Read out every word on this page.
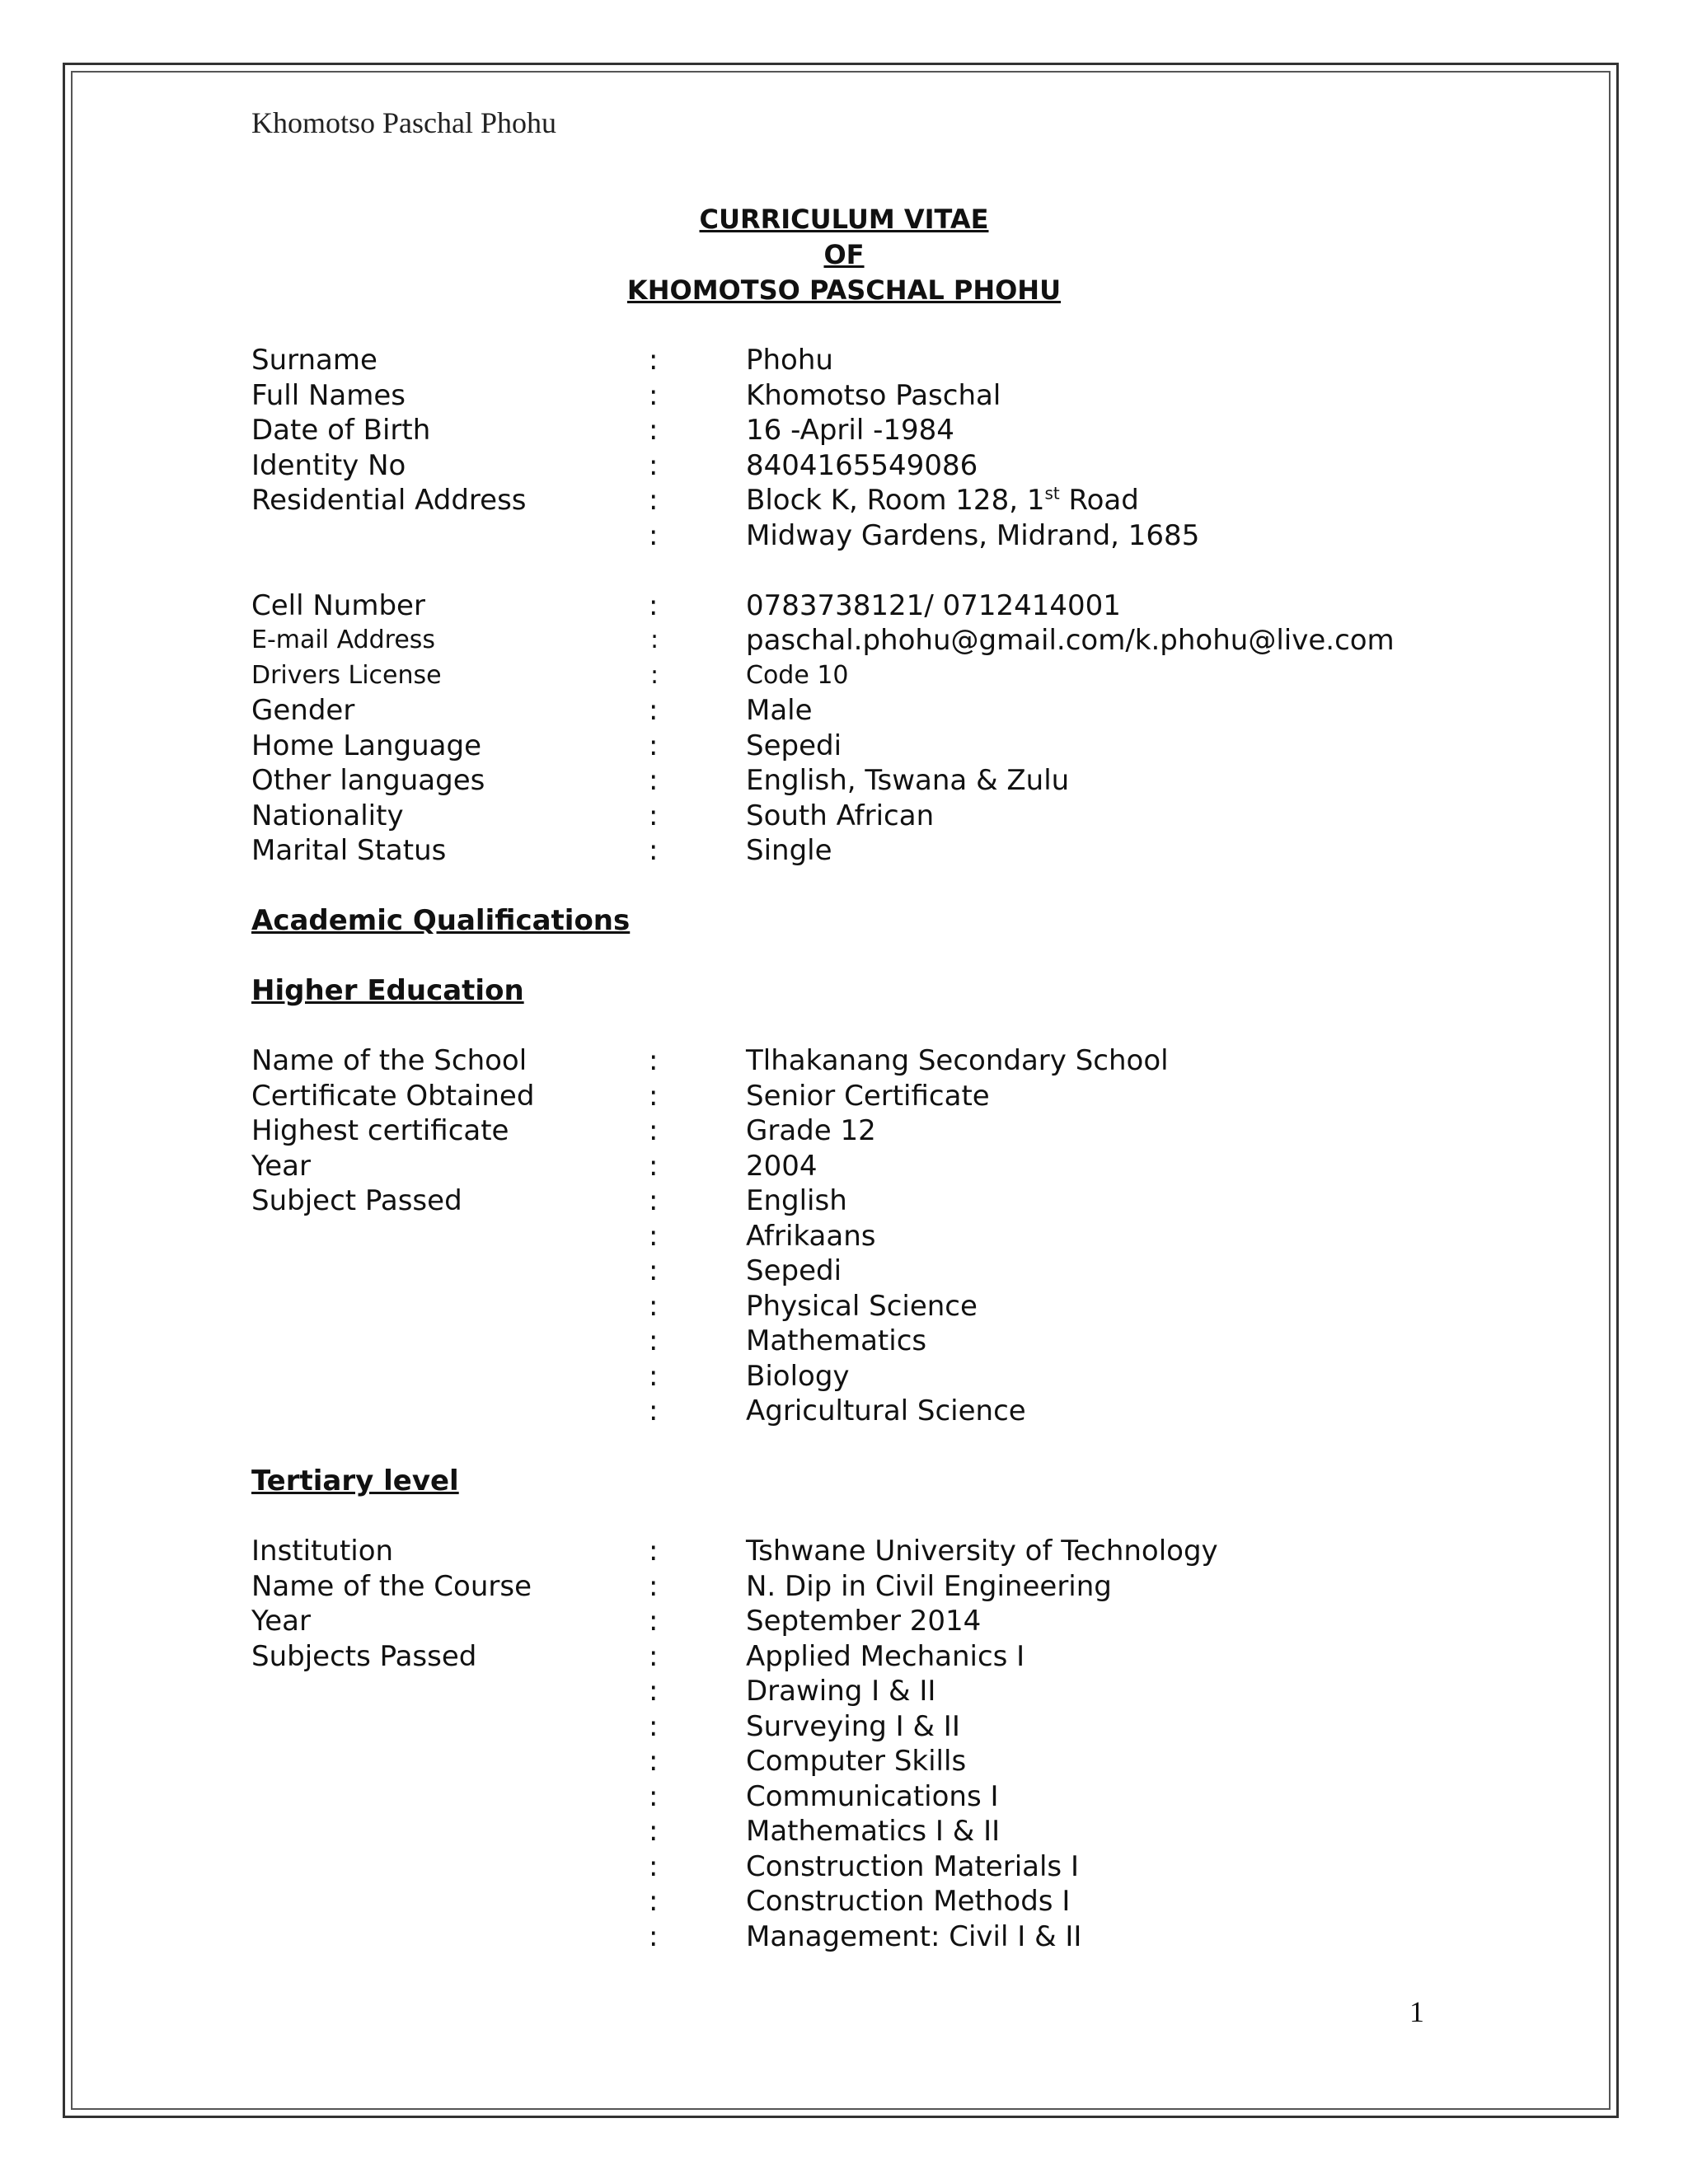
Khomotso Paschal Phohu
CURRICULUM VITAE
OF
KHOMOTSO PASCHAL PHOHU
Surname	:	Phohu
Full Names	:	Khomotso Paschal
Date of Birth	:	16 -April -1984
Identity No	:	8404165549086
Residential Address	:	Block K, Room 128, 1st Road
:	Midway Gardens, Midrand, 1685
Cell Number	:	0783738121/ 0712414001
E-mail Address	:	paschal.phohu@gmail.com/k.phohu@live.com
Drivers License	:	Code 10
Gender	:	Male
Home Language	:	Sepedi
Other languages	:	English, Tswana & Zulu
Nationality	:	South African
Marital Status	:	Single
Academic Qualifications
Higher Education
Name of the School	:	Tlhakanang Secondary School
Certificate Obtained	:	Senior Certificate
Highest certificate	:	Grade 12
Year	:	2004
Subject Passed	:	English
:	Afrikaans
:	Sepedi
:	Physical Science
:	Mathematics
:	Biology
:	Agricultural Science
Tertiary level
Institution	:	Tshwane University of Technology
Name of the Course	:	N. Dip in Civil Engineering
Year	:	September 2014
Subjects Passed	:	Applied Mechanics I
:	Drawing I & II
:	Surveying I & II
:	Computer Skills
:	Communications I
:	Mathematics I & II
:	Construction Materials I
:	Construction Methods I
:	Management: Civil I & II
1
